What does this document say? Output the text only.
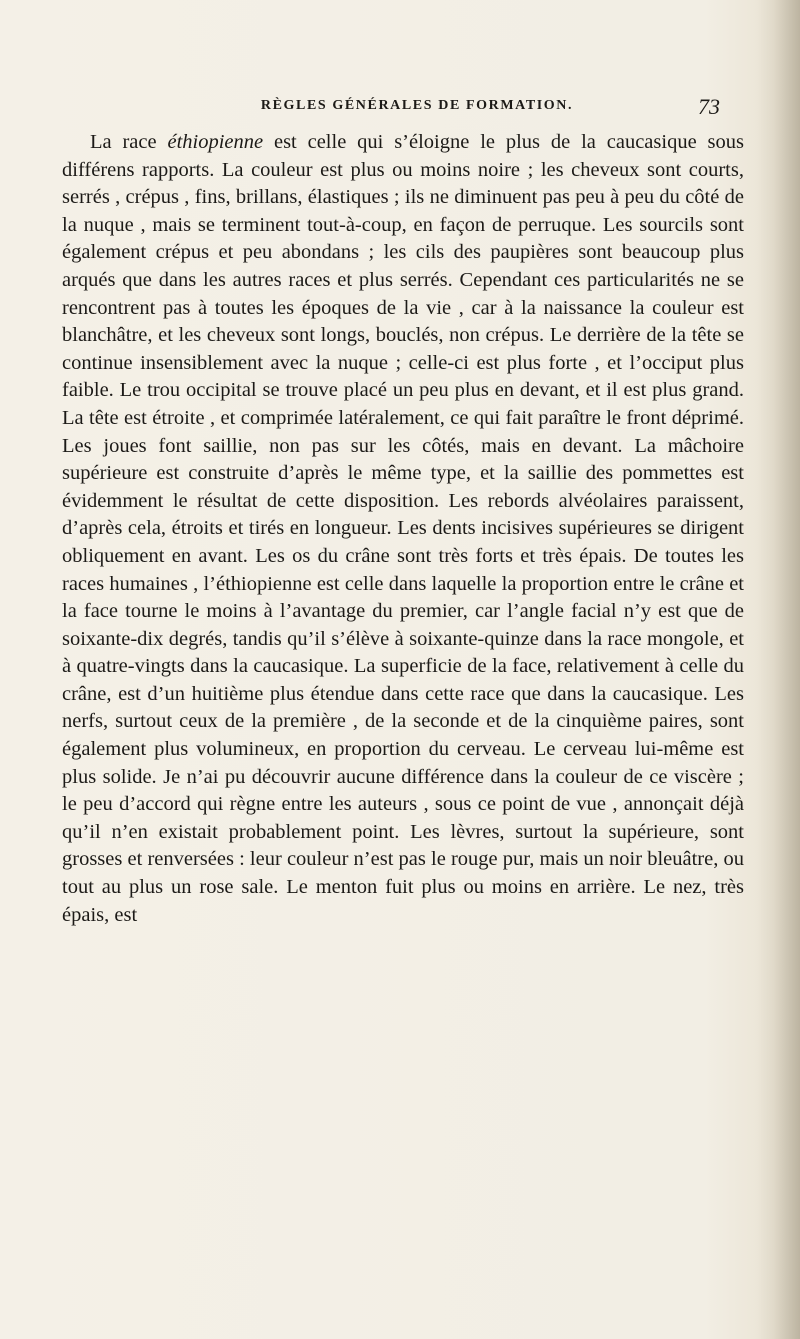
RÈGLES GÉNÉRALES DE FORMATION.	73

La race éthiopienne est celle qui s’éloigne le plus de la caucasique sous différens rapports. La couleur est plus ou moins noire ; les cheveux sont courts, serrés , crépus , fins, brillans, élastiques ; ils ne diminuent pas peu à peu du côté de la nuque , mais se terminent tout-à-coup, en façon de perruque. Les sourcils sont également crépus et peu abondans ; les cils des paupières sont beaucoup plus arqués que dans les autres races et plus serrés. Cependant ces particularités ne se rencontrent pas à toutes les époques de la vie , car à la naissance la couleur est blanchâtre, et les cheveux sont longs, bouclés, non crépus. Le derrière de la tête se continue insensiblement avec la nuque ; celle-ci est plus forte , et l’occiput plus faible. Le trou occipital se trouve placé un peu plus en devant, et il est plus grand. La tête est étroite , et comprimée latéralement, ce qui fait paraître le front déprimé. Les joues font saillie, non pas sur les côtés, mais en devant. La mâchoire supérieure est construite d’après le même type, et la saillie des pommettes est évidemment le résultat de cette disposition. Les rebords alvéolaires paraissent, d’après cela, étroits et tirés en longueur. Les dents incisives supérieures se dirigent obliquement en avant. Les os du crâne sont très forts et très épais. De toutes les races humaines , l’éthiopienne est celle dans laquelle la proportion entre le crâne et la face tourne le moins à l’avantage du premier, car l’angle facial n’y est que de soixante-dix degrés, tandis qu’il s’élève à soixante-quinze dans la race mongole, et à quatre-vingts dans la caucasique. La superficie de la face, relativement à celle du crâne, est d’un huitième plus étendue dans cette race que dans la caucasique. Les nerfs, surtout ceux de la première , de la seconde et de la cinquième paires, sont également plus volumineux, en proportion du cerveau. Le cerveau lui-même est plus solide. Je n’ai pu découvrir aucune différence dans la couleur de ce viscère ; le peu d’accord qui règne entre les auteurs , sous ce point de vue , annonçait déjà qu’il n’en existait probablement point. Les lèvres, surtout la supérieure, sont grosses et renversées : leur couleur n’est pas le rouge pur, mais un noir bleuâtre, ou tout au plus un rose sale. Le menton fuit plus ou moins en arrière. Le nez, très épais, est
